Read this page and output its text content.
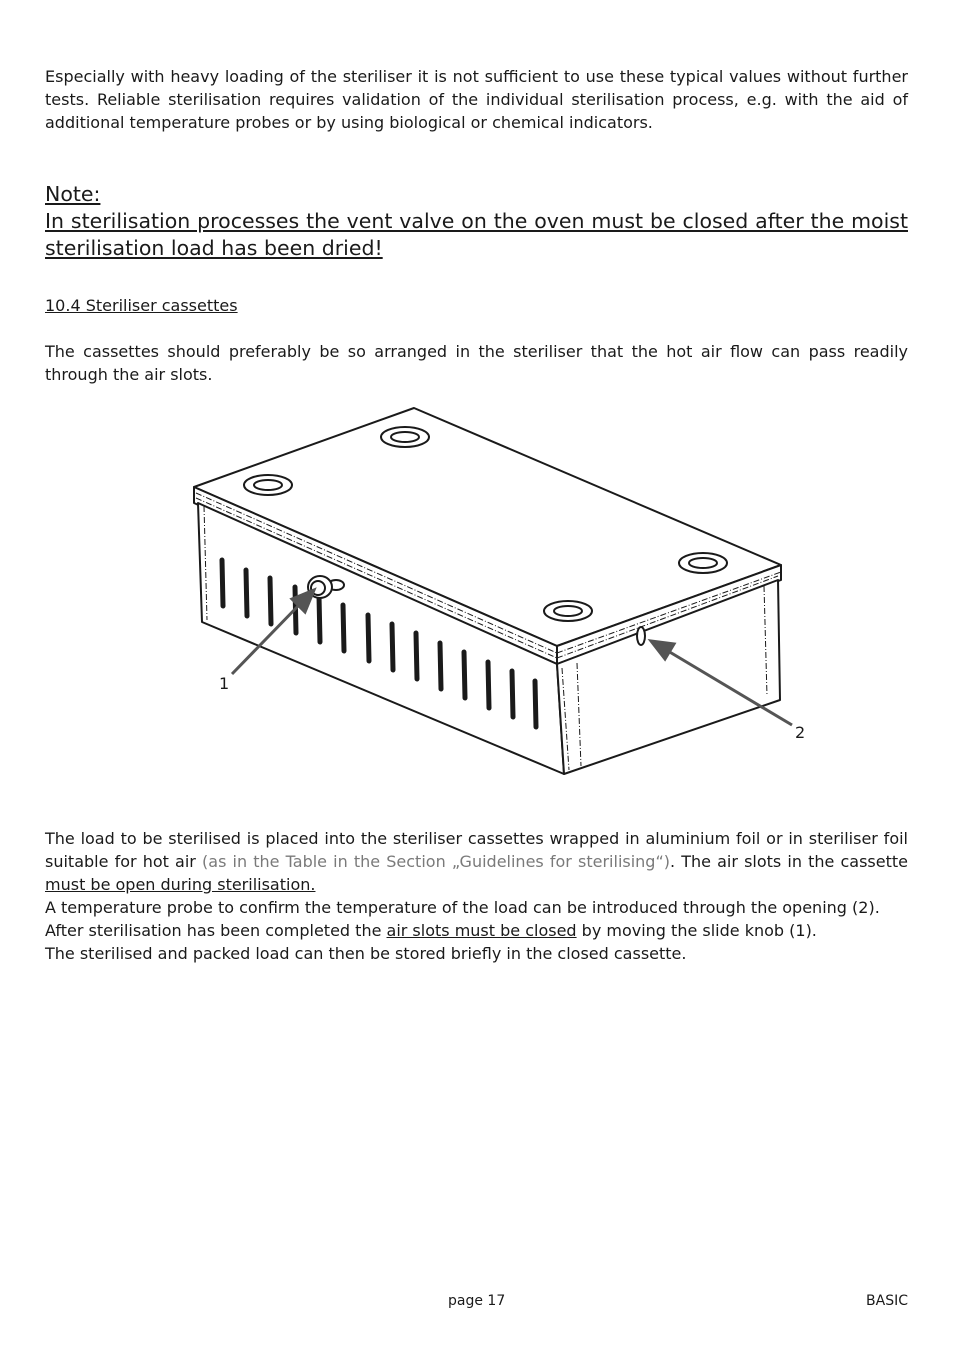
Especially with heavy loading of the steriliser it is not sufficient to use these typical values without further tests. Reliable sterilisation requires validation of the individual sterilisation process, e.g. with the aid of additional temperature probes or by using biological or chemical indicators.

Note:
In sterilisation processes the vent valve on the oven must be closed after the moist sterilisation load has been dried!

10.4 Steriliser cassettes

The cassettes should preferably be so arranged in the steriliser that the hot air flow can pass readily through the air slots.

1
2
The load to be sterilised is placed into the steriliser cassettes wrapped in aluminium foil or in steriliser foil suitable for hot air (as in the Table in the Section „Guidelines for sterilising“). The air slots in the cassette must be open during sterilisation.
A temperature probe to confirm the temperature of the load can be introduced through the opening (2).
After sterilisation has been completed the air slots must be closed by moving the slide knob (1).
The sterilised and packed load can then be stored briefly in the closed cassette.
page 17	BASIC
